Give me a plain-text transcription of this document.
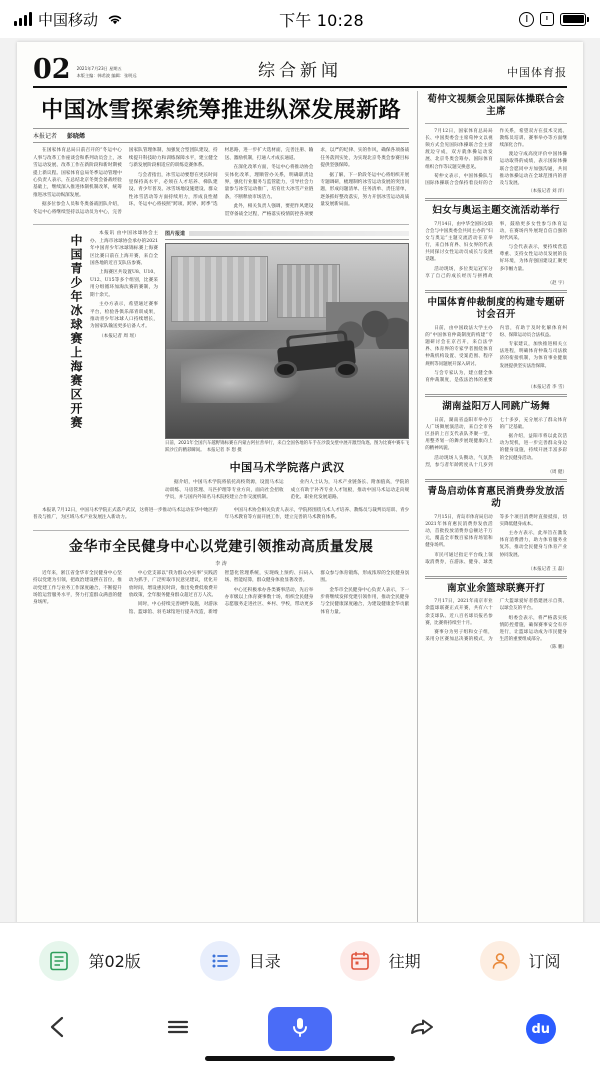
中国移动	下午 10:28
02 2021年7月23日 星期五
本版主编：韩希波 编辑：张明远	综合新闻	中国体育报
中国冰雪探索统筹推进纵深发展新路
本报记者 彭晓烯

在国家体育总局日前召开的“冬运中心人事与改革工作座谈会和系列动员会上，冰雪运动发展、改革工作在新阶段和新时期被提上新议程。国家体育总局冬季运动管理中心负责人表示，在总结北京冬奥会备战经验基础上，继续深入推进体制机制改革，统筹推进冰雪运动纵深发展。

据多位参会人员和冬奥备战团队介绍，冬运中心将继续坚持以运动员为中心，完善国家队管理体制，加强复合型团队建设，持续提升科技助力和训练保障水平，建立健全与新发展阶段相适应的训练竞赛体系。

与会者指出，冰雪运动要想在更长时间里保持高水平，必须在人才培养、梯队建设、青少年普及、冰雪场地设施建设、群众性冰雪活动等方面持续用力，形成良性循环。冬运中心将按照“跨项、跨界、跨季”选材思路，进一步扩大选材面，完善注册、输送、激励机制，打通人才成长通道。

在深化改革方面，冬运中心将推动协会实体化改革，理顺管办关系，明确职责边界，强化行业服务与监管能力，引导社会力量参与冰雪运动推广，培育壮大冰雪产业链条，不断释放市场活力。

此外，相关负责人强调，要把作风建设贯穿备战全过程，严格落实疫情防控各项要求，以严的纪律、实的作风，确保各项备战任务落到实处，为实现北京冬奥会参赛目标提供坚强保障。

据了解，下一阶段冬运中心将组织开展专题调研，梳理制约冰雪运动发展的突出问题，形成问题清单、任务清单、责任清单，逐条抓好整改落实，努力开创冰雪运动高质量发展新局面。

中国青少年冰球赛上海赛区开赛

本报讯 由中国冰球协会主办、上海市冰球协会承办的2021年中国青少年冰球锦标赛上海赛区比赛日前在上海开赛，来自全国各地的近百支队伍参赛。

上海赛区共设置U8、U10、U12、U15等多个组别，比赛采用分组循环加淘汰赛的赛制，为期十余天。

主办方表示，希望通过赛事平台，检验各俱乐部青训成果，推动青少年冰球人口持续增长，为国家队输送更多后备人才。

（本报记者 周 瑶）

图片报道
日前，2021年全国汽车越野锦标赛在内蒙古阿拉善举行，来自全国各地的车手在沙漠戈壁中展开激烈角逐。图为比赛中赛车飞跃沙丘的精彩瞬间。　本报记者 李 想 摄
中国马术学院落户武汉

据介绍，中国马术学院将依托高校资源，设置马术运动训练、马房管理、马匹护理等专业方向，面向社会招收学员，并与国内外知名马术院校建立合作交流机制。

业内人士认为，马术产业链条长、附加值高，学院的成立有助于补齐专业人才短板，推动中国马术运动走向规范化、职业化发展道路。

本报讯 7月12日，中国马术学院正式落户武汉，这将进一步推动马术运动在华中地区的普及与推广，为区域马术产业发展注入新动力。

中国马术协会相关负责人表示，学院将围绕马术人才培养、教练员与裁判员培训、青少年马术教育等方面开展工作，建立完善的马术教育体系。

金华市全民健身中心以党建引领推动高质量发展
李 涛

近年来，浙江省金华市全民健身中心坚持以党建为引领，把政治建设摆在首位，推动党建工作与业务工作深度融合，不断提升场馆运营服务水平，努力打造群众满意的健身场所。

中心党支部以“我为群众办实事”实践活动为抓手，广泛听取市民意见建议，优化开放时间，增设惠民时段，推出免费低收费开放政策，全年服务健身群众超过百万人次。

同时，中心持续完善硬件设施，对游泳馆、篮球馆、羽毛球馆进行提升改造，新增智慧化管理系统，实现线上预约、扫码入场、智能结算，群众健身体验显著改善。

中心还积极承办各类赛事活动，先后举办市级以上体育赛事数十场，组织全民健身志愿服务走进社区、乡村、学校，带动更多群众参与体育锻炼，形成浓厚的全民健身氛围。

金华市全民健身中心负责人表示，下一步将继续发挥党建引领作用，推动全民健身与全民健康深度融合，为建设健康金华贡献体育力量。

荀仲文视频会见国际体操联合会主席

7月12日，国家体育总局局长、中国奥委会主席荀仲文以视频方式会见国际体操联合会主席渡边守成，双方就体操运动发展、北京冬奥会筹办、国际体育组织合作等议题交换意见。

荀仲文表示，中国体操队与国际体操联合会保持着良好的合作关系，希望双方在技术交流、教练员培训、赛事举办等方面继续深化合作。

渡边守成高度评价中国体操运动取得的成绩，表示国际体操联合会愿同中方加强沟通，共同推动体操运动在全球范围内的普及与发展。

（本报记者 刘 洋）
妇女与奥运主题交流活动举行

7月14日，由中华全国妇女联合会与中国奥委会共同主办的“妇女与奥运”主题交流活动在京举行，来自体育界、妇女界的代表共同探讨女性运动员成长与发展话题。

活动现场，多位奥运冠军分享了自己的成长经历与拼搏故事，鼓励更多女性参与体育运动，在赛场内外展现自信自强的时代风采。

与会代表表示，要持续营造尊重、支持女性运动员发展的良好环境，为体育强国建设汇聚更多巾帼力量。

（赵 宇）
中国体育仲裁制度的构建专题研讨会召开

日前，由中国政法大学主办的“中国体育仲裁制度的构建”专题研讨会在京召开，来自法学界、体育界的专家学者围绕体育仲裁机构设置、受案范围、程序规则等问题展开深入研讨。

与会专家认为，建立健全体育仲裁制度，是依法治体的重要内容，有助于及时化解体育纠纷、保障运动员合法权益。

专家建议，加快推进相关立法进程，明确体育仲裁与司法救济的衔接机制，为体育事业健康发展提供坚实法治保障。

（本报记者 李 雪）
湖南益阳万人同跳广场舞

日前，湖南省益阳市举办万人广场舞展演活动，来自全市各区县的上百支代表队齐聚一堂，用整齐划一的舞步展现健康向上的精神风貌。

活动现场人头攒动，气氛热烈，参与者年龄跨度从十几岁到七十多岁，充分展示了群众体育的广泛基础。

据介绍，益阳市将以此次活动为契机，进一步完善群众身边的健身设施，持续开展丰富多彩的全民健身活动。

（周 健）
青岛启动体育惠民消费券发放活动

7月15日，青岛市体育局启动2021年体育惠民消费券发放活动，首批投放消费券总额达千万元，覆盖全市数百家体育场馆和健身场所。

市民可通过指定平台线上领取消费券，在游泳、健身、球类等多个项目消费时直接抵扣，切实降低健身成本。

主办方表示，此举旨在激发体育消费潜力，助力体育服务业复苏，推动全民健身与体育产业协同发展。

（本报记者 王 磊）
南京业余篮球联赛开打

7月17日，2021年南京市业余篮球联赛正式开赛，共有六十余支球队、近八百名球员报名参赛，比赛将持续至十月。

赛事分为男子组和女子组，采用分区赛加总决赛的模式，为广大篮球爱好者搭建展示自我、以球会友的平台。

组委会表示，将严格落实疫情防控措施，确保赛事安全有序进行，让篮球运动成为市民健身生活的重要组成部分。

（陈 鹏）
第02版	目录	往期	订阅
du
